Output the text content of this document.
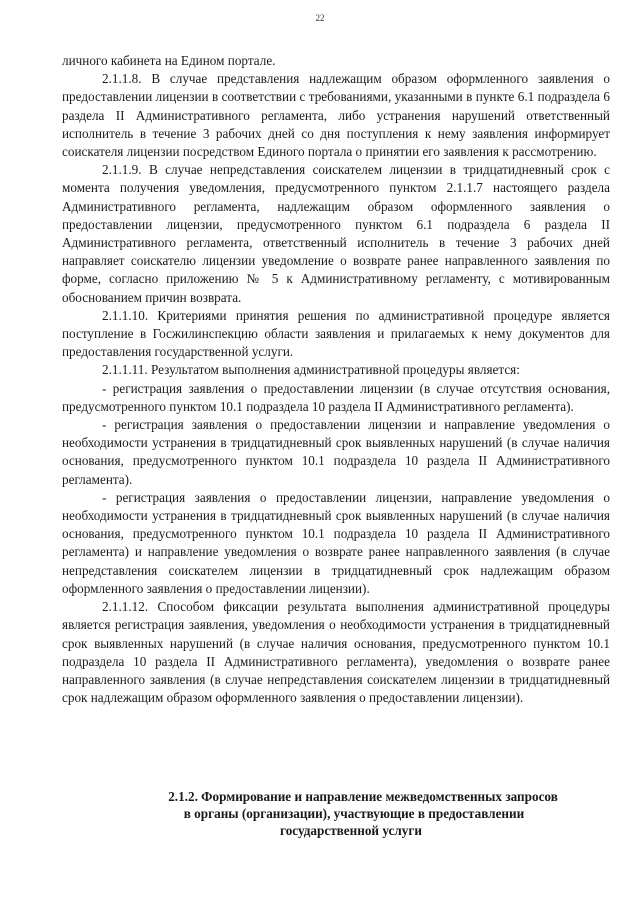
22

личного кабинета на Едином портале.

2.1.1.8. В случае представления надлежащим образом оформленного заявления о предоставлении лицензии в соответствии с требованиями, указанными в пункте 6.1 подраздела 6 раздела II Административного регламента, либо устранения нарушений ответственный исполнитель в течение 3 рабочих дней со дня поступления к нему заявления информирует соискателя лицензии посредством Единого портала о принятии его заявления к рассмотрению.

2.1.1.9. В случае непредставления соискателем лицензии в тридцатидневный срок с момента получения уведомления, предусмотренного пунктом 2.1.1.7 настоящего раздела Административного регламента, надлежащим образом оформленного заявления о предоставлении лицензии, предусмотренного пунктом 6.1 подраздела 6 раздела II Административного регламента, ответственный исполнитель в течение 3 рабочих дней направляет соискателю лицензии уведомление о возврате ранее направленного заявления по форме, согласно приложению № 5 к Административному регламенту, с мотивированным обоснованием причин возврата.

2.1.1.10. Критериями принятия решения по административной процедуре является поступление в Госжилинспекцию области заявления и прилагаемых к нему документов для предоставления государственной услуги.

2.1.1.11. Результатом выполнения административной процедуры является:

- регистрация заявления о предоставлении лицензии (в случае отсутствия основания, предусмотренного пунктом 10.1 подраздела 10 раздела II Административного регламента).

- регистрация заявления о предоставлении лицензии и направление уведомления о необходимости устранения в тридцатидневный срок выявленных нарушений (в случае наличия основания, предусмотренного пунктом 10.1 подраздела 10 раздела II Административного регламента).

- регистрация заявления о предоставлении лицензии, направление уведомления о необходимости устранения в тридцатидневный срок выявленных нарушений (в случае наличия основания, предусмотренного пунктом 10.1 подраздела 10 раздела II Административного регламента) и направление уведомления о возврате ранее направленного заявления (в случае непредставления соискателем лицензии в тридцатидневный срок надлежащим образом оформленного заявления о предоставлении лицензии).

2.1.1.12. Способом фиксации результата выполнения административной процедуры является регистрация заявления, уведомления о необходимости устранения в тридцатидневный срок выявленных нарушений (в случае наличия основания, предусмотренного пунктом 10.1 подраздела 10 раздела II Административного регламента), уведомления о возврате ранее направленного заявления (в случае непредставления соискателем лицензии в тридцатидневный срок надлежащим образом оформленного заявления о предоставлении лицензии).

2.1.2. Формирование и направление межведомственных запросов
в органы (организации), участвующие в предоставлении
государственной услуги
